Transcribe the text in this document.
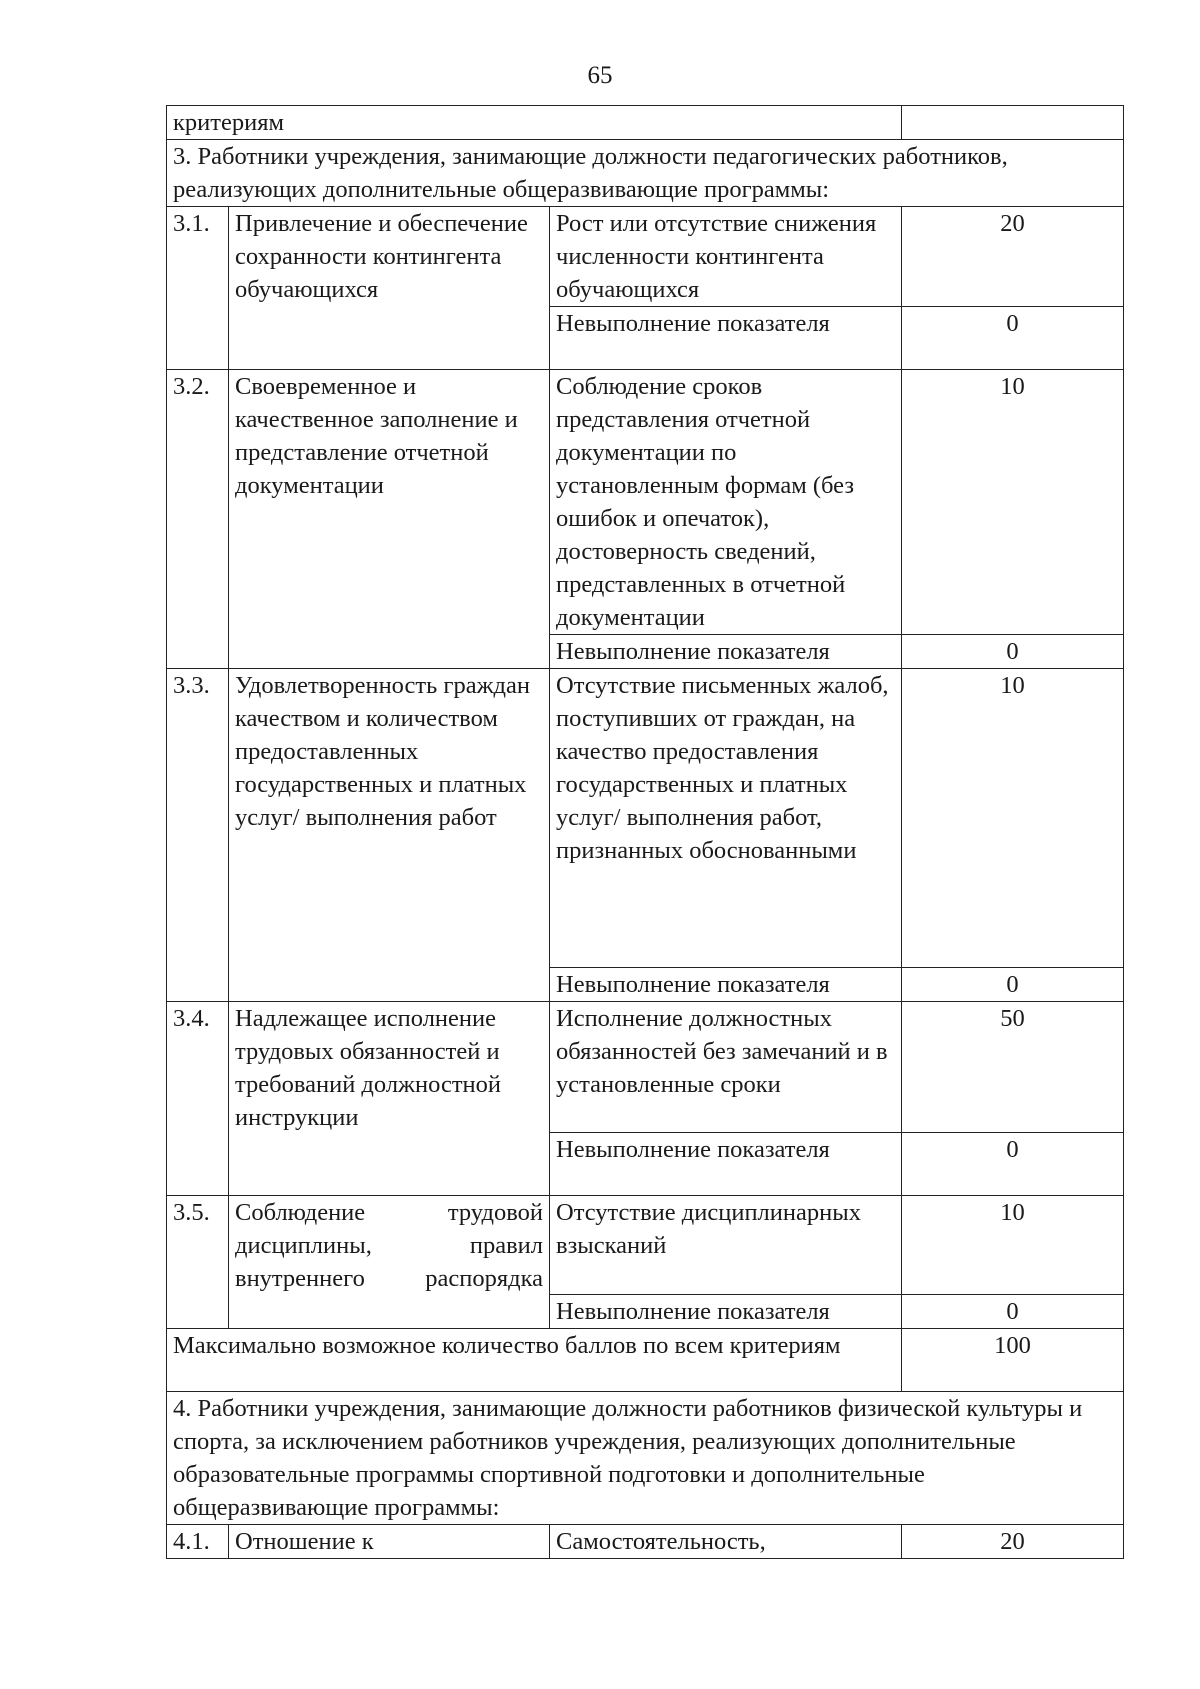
65
критериям			
3. Работники учреждения, занимающие должности педагогических работников, реализующих дополнительные общеразвивающие программы:			
3.1.	Привлечение и обеспечение сохранности контингента обучающихся	Рост или отсутствие снижения численности контингента обучающихся	20
		Невыполнение показателя	0
3.2.	Своевременное и качественное заполнение и представление отчетной документации	Соблюдение сроков представления отчетной документации по установленным формам (без ошибок и опечаток), достоверность сведений, представленных в отчетной документации	10
		Невыполнение показателя	0
3.3.	Удовлетворенность граждан качеством и количеством предоставленных государственных и платных услуг/ выполнения работ	Отсутствие письменных жалоб, поступивших от граждан, на качество предоставления государственных и платных услуг/ выполнения работ, признанных обоснованными	10
		Невыполнение показателя	0
3.4.	Надлежащее исполнение трудовых обязанностей и требований должностной инструкции	Исполнение должностных обязанностей без замечаний и в установленные сроки	50
		Невыполнение показателя	0
3.5.	Соблюдение трудовой дисциплины, правил внутреннего распорядка	Отсутствие дисциплинарных взысканий	10
		Невыполнение показателя	0
Максимально возможное количество баллов по всем критериям			100
4. Работники учреждения, занимающие должности работников физической культуры и спорта, за исключением работников учреждения, реализующих дополнительные образовательные программы спортивной подготовки и дополнительные общеразвивающие программы:			
4.1.	Отношение к	Самостоятельность,	20
